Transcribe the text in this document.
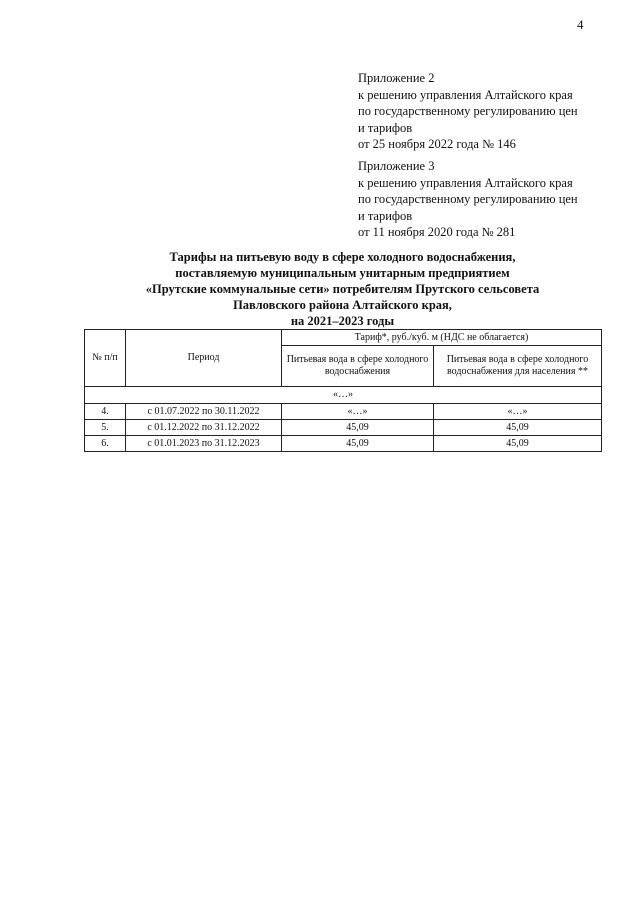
4
Приложение 2
к решению управления Алтайского края
по государственному регулированию цен
и тарифов
от 25 ноября 2022 года № 146
Приложение 3
к решению управления Алтайского края
по государственному регулированию цен
и тарифов
от 11 ноября 2020 года № 281
Тарифы на питьевую воду в сфере холодного водоснабжения,
поставляемую муниципальным унитарным предприятием
«Прутские коммунальные сети» потребителям Прутского сельсовета
Павловского района Алтайского края,
на 2021–2023 годы
№ п/п	Период	Тариф*, руб./куб. м (НДС не облагается)	
		Питьевая вода в сфере холодного водоснабжения	Питьевая вода в сфере холодного водоснабжения для населения **
«…»			
4.	с 01.07.2022 по 30.11.2022	«…»	«…»
5.	с 01.12.2022 по 31.12.2022	45,09	45,09
6.	с 01.01.2023 по 31.12.2023	45,09	45,09
